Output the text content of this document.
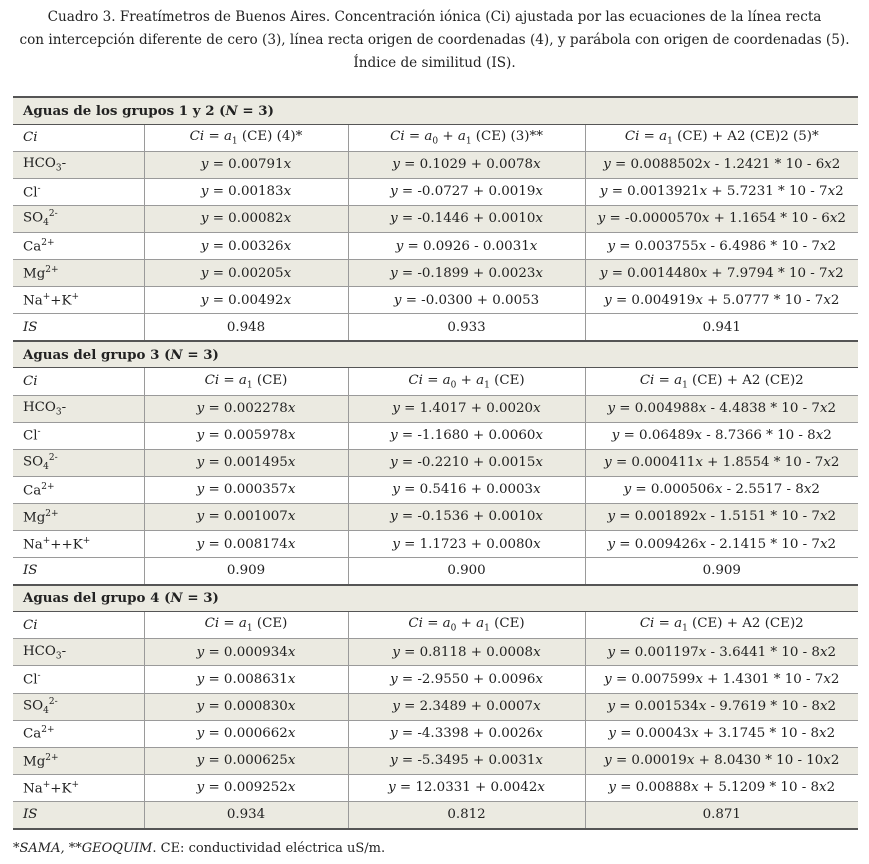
Cuadro 3. Freatímetros de Buenos Aires. Concentración iónica (Ci) ajustada por las ecuaciones de la línea recta
con intercepción diferente de cero (3), línea recta origen de coordenadas (4), y parábola con origen de coordenadas (5).
Índice de similitud (IS).
Aguas de los grupos 1 y 2 (N = 3)			
Ci	$Ci = a_1$ (CE) (4)*	$Ci = a_0 + a_1$ (CE) (3)**	$Ci = a_1$ (CE) + A2 (CE)2 (5)*
$HCO_3-$	y = 0.00791x	y = 0.1029 + 0.0078x	y = 0.0088502x - 1.2421 * 10 - 6x2
Cl-	y = 0.00183x	y = -0.0727 + 0.0019x	y = 0.0013921x + 5.7231 * 10 - 7x2
$SO_4^{2-}$	y = 0.00082x	y = -0.1446 + 0.0010x	y = -0.0000570x + 1.1654 * 10 - 6x2
$Ca^{2+}$	y = 0.00326x	y = 0.0926 - 0.0031x	y = 0.003755x - 6.4986 * 10 - 7x2
$Mg^{2+}$	y = 0.00205x	y = -0.1899 + 0.0023x	y = 0.0014480x + 7.9794 * 10 - 7x2
Na++K+	y = 0.00492x	y = -0.0300 + 0.0053	y = 0.004919x + 5.0777 * 10 - 7x2
IS	0.948	0.933	0.941
Aguas del grupo 3 (N = 3)			
Ci	$Ci = a_1$ (CE)	$Ci = a_0 + a_1$ (CE)	$Ci = a_1$ (CE) + A2 (CE)2
$HCO_3-$	y = 0.002278x	y = 1.4017 + 0.0020x	y = 0.004988x - 4.4838 * 10 - 7x2
Cl-	y = 0.005978x	y = -1.1680 + 0.0060x	y = 0.06489x - 8.7366 * 10 - 8x2
$SO_4^{2-}$	y = 0.001495x	y = -0.2210 + 0.0015x	y = 0.000411x + 1.8554 * 10 - 7x2
$Ca^{2+}$	y = 0.000357x	y = 0.5416 + 0.0003x	y = 0.000506x - 2.5517 - 8x2
$Mg^{2+}$	y = 0.001007x	y = -0.1536 + 0.0010x	y = 0.001892x - 1.5151 * 10 - 7x2
Na+++K+	y = 0.008174x	y = 1.1723 + 0.0080x	y = 0.009426x - 2.1415 * 10 - 7x2
IS	0.909	0.900	0.909
Aguas del grupo 4 (N = 3)			
Ci	$Ci = a_1$ (CE)	$Ci = a_0 + a_1$ (CE)	$Ci = a_1$ (CE) + A2 (CE)2
$HCO_3-$	y = 0.000934x	y = 0.8118 + 0.0008x	y = 0.001197x - 3.6441 * 10 - 8x2
Cl-	y = 0.008631x	y = -2.9550 + 0.0096x	y = 0.007599x + 1.4301 * 10 - 7x2
$SO_4^{2-}$	y = 0.000830x	y = 2.3489 + 0.0007x	y = 0.001534x - 9.7619 * 10 - 8x2
$Ca^{2+}$	y = 0.000662x	y = -4.3398 + 0.0026x	y = 0.00043x + 3.1745 * 10 - 8x2
$Mg^{2+}$	y = 0.000625x	y = -5.3495 + 0.0031x	y = 0.00019x + 8.0430 * 10 - 10x2
Na++K+	y = 0.009252x	y = 12.0331 + 0.0042x	y = 0.00888x + 5.1209 * 10 - 8x2
IS	0.934	0.812	0.871
*SAMA, **GEOQUIM. CE: conductividad eléctrica uS/m.
